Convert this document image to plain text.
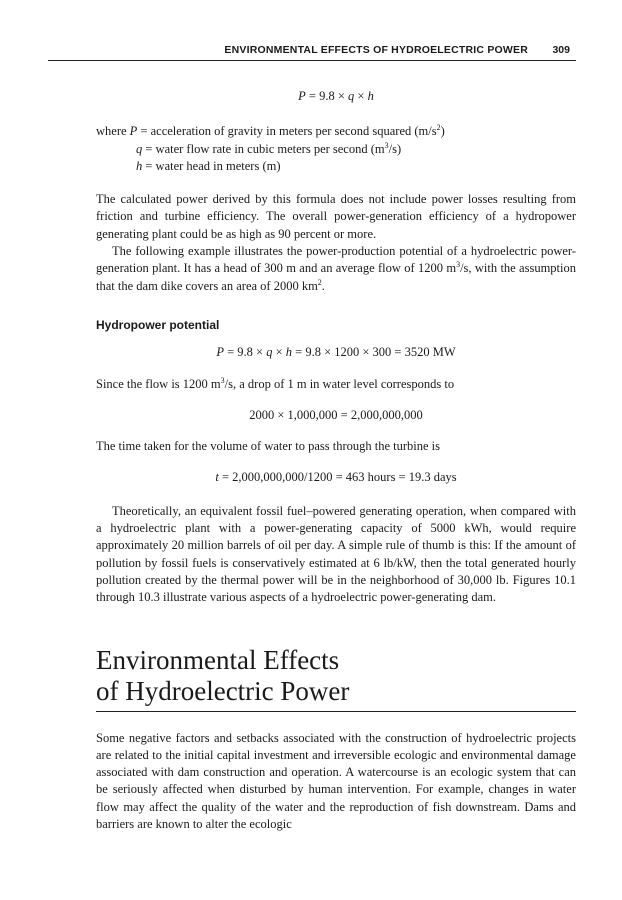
ENVIRONMENTAL EFFECTS OF HYDROELECTRIC POWER 309

P = 9.8 × q × h

where P = acceleration of gravity in meters per second squared $(m/s^2)$

q = water flow rate in cubic meters per second $(m^3/s)$

h = water head in meters (m)

The calculated power derived by this formula does not include power losses resulting from friction and turbine efficiency. The overall power-generation efficiency of a hydropower generating plant could be as high as 90 percent or more.

The following example illustrates the power-production potential of a hydroelectric power-generation plant. It has a head of 300 m and an average flow of 1200 $m^3/s$, with the assumption that the dam dike covers an area of 2000 $km^2$.

Hydropower potential

P = 9.8 × q × h = 9.8 × 1200 × 300 = 3520 MW

Since the flow is 1200 $m^3/s$, a drop of 1 m in water level corresponds to

2000 × 1,000,000 = 2,000,000,000

The time taken for the volume of water to pass through the turbine is

t = 2,000,000,000/1200 = 463 hours = 19.3 days

Theoretically, an equivalent fossil fuel–powered generating operation, when compared with a hydroelectric plant with a power-generating capacity of 5000 kWh, would require approximately 20 million barrels of oil per day. A simple rule of thumb is this: If the amount of pollution by fossil fuels is conservatively estimated at 6 lb/kW, then the total generated hourly pollution created by the thermal power will be in the neighborhood of 30,000 lb. Figures 10.1 through 10.3 illustrate various aspects of a hydroelectric power-generating dam.

Environmental Effects
of Hydroelectric Power

Some negative factors and setbacks associated with the construction of hydroelectric projects are related to the initial capital investment and irreversible ecologic and environmental damage associated with dam construction and operation. A watercourse is an ecologic system that can be seriously affected when disturbed by human intervention. For example, changes in water flow may affect the quality of the water and the reproduction of fish downstream. Dams and barriers are known to alter the ecologic
